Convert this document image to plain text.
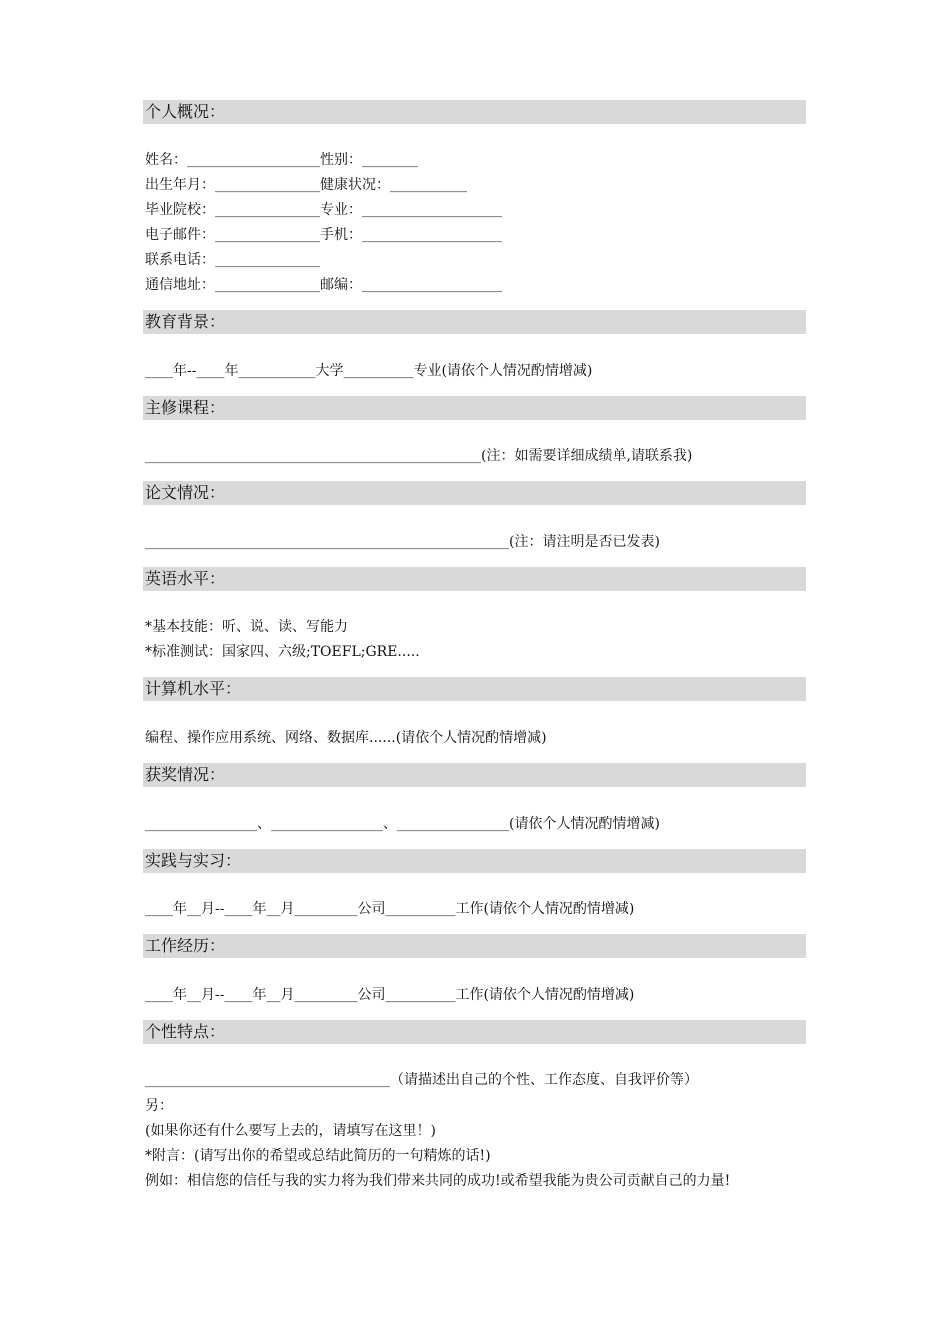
个人概况：
姓名：___________________性别：________
出生年月：_______________健康状况：___________
毕业院校：_______________专业：____________________
电子邮件：_______________手机：____________________
联系电话：_______________
通信地址：_______________邮编：____________________
教育背景：
____年--____年___________大学__________专业(请依个人情况酌情增减)
主修课程：
________________________________________________(注：如需要详细成绩单,请联系我)
论文情况：
____________________________________________________(注：请注明是否已发表)
英语水平：
*基本技能：听、说、读、写能力
*标准测试：国家四、六级;TOEFL;GRE.....
计算机水平：
编程、操作应用系统、网络、数据库......(请依个人情况酌情增减)
获奖情况：
________________、________________、________________(请依个人情况酌情增减)
实践与实习：
____年__月--____年__月_________公司__________工作(请依个人情况酌情增减)
工作经历：
____年__月--____年__月_________公司__________工作(请依个人情况酌情增减)
个性特点：
___________________________________（请描述出自己的个性、工作态度、自我评价等）
另：
(如果你还有什么要写上去的，请填写在这里！)
*附言：(请写出你的希望或总结此简历的一句精炼的话!)
例如：相信您的信任与我的实力将为我们带来共同的成功!或希望我能为贵公司贡献自己的力量!
